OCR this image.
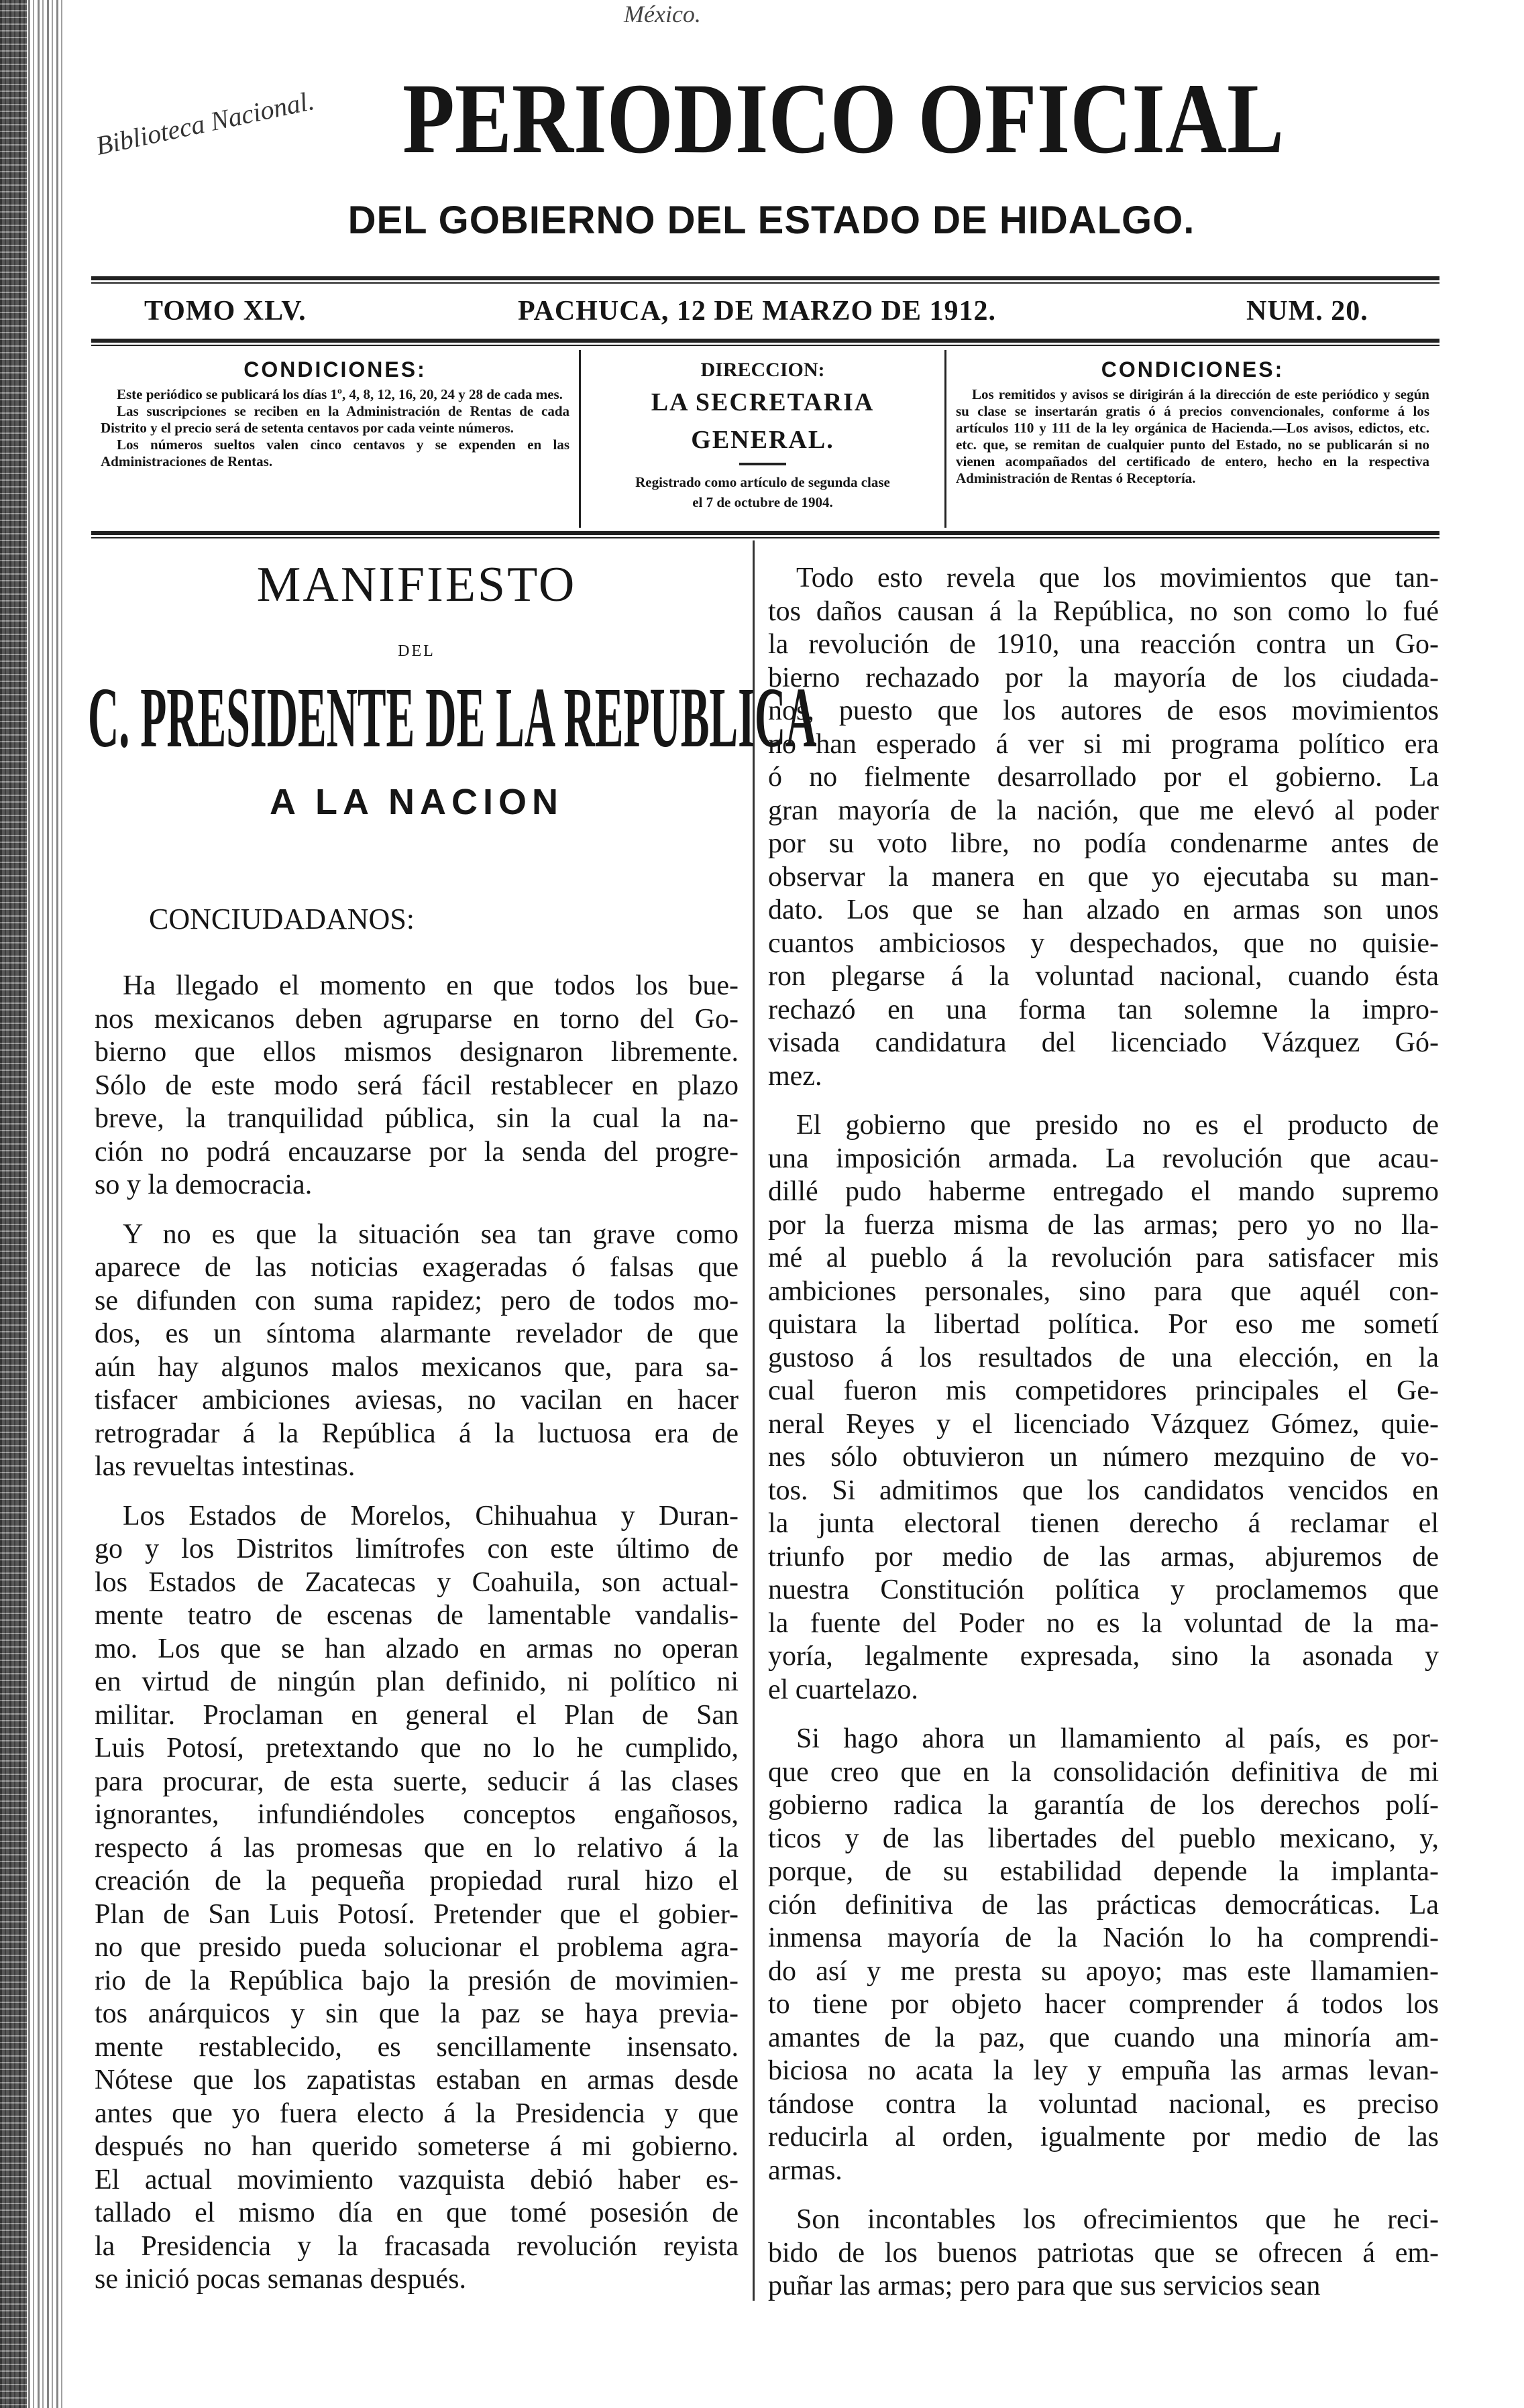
México.
PERIODICO OFICIAL
Biblioteca Nacional.
DEL GOBIERNO DEL ESTADO DE HIDALGO.
TOMO XLV.	PACHUCA, 12 DE MARZO DE 1912.	NUM. 20.
CONDICIONES:

Este periódico se publicará los días 1º, 4, 8, 12, 16, 20, 24 y 28 de cada mes.

Las suscripciones se reciben en la Administración de Rentas de cada Distrito y el precio será de setenta centavos por cada veinte números.

Los números sueltos valen cinco centavos y se expenden en las Administraciones de Rentas.

DIRECCION:
LA SECRETARIA GENERAL.
Registrado como artículo de segunda clase
el 7 de octubre de 1904.
CONDICIONES:

Los remitidos y avisos se dirigirán á la dirección de este periódico y según su clase se insertarán gratis ó á precios convencionales, conforme á los artículos 110 y 111 de la ley orgánica de Hacienda.—Los avisos, edictos, etc. etc. que, se remitan de cualquier punto del Estado, no se publicarán si no vienen acompañados del certificado de entero, hecho en la respectiva Administración de Rentas ó Receptoría.

MANIFIESTO
DEL
C. PRESIDENTE DE LA REPUBLICA
A LA NACION
CONCIUDADANOS:
Ha llegado el momento en que todos los bue-
nos mexicanos deben agruparse en torno del Go-
bierno que ellos mismos designaron libremente.
Sólo de este modo será fácil restablecer en plazo
breve, la tranquilidad pública, sin la cual la na-
ción no podrá encauzarse por la senda del progre-
so y la democracia.
Y no es que la situación sea tan grave como
aparece de las noticias exageradas ó falsas que
se difunden con suma rapidez; pero de todos mo-
dos, es un síntoma alarmante revelador de que
aún hay algunos malos mexicanos que, para sa-
tisfacer ambiciones aviesas, no vacilan en hacer
retrogradar á la República á la luctuosa era de
las revueltas intestinas.
Los Estados de Morelos, Chihuahua y Duran-
go y los Distritos limítrofes con este último de
los Estados de Zacatecas y Coahuila, son actual-
mente teatro de escenas de lamentable vandalis-
mo. Los que se han alzado en armas no operan
en virtud de ningún plan definido, ni político ni
militar. Proclaman en general el Plan de San
Luis Potosí, pretextando que no lo he cumplido,
para procurar, de esta suerte, seducir á las clases
ignorantes, infundiéndoles conceptos engañosos,
respecto á las promesas que en lo relativo á la
creación de la pequeña propiedad rural hizo el
Plan de San Luis Potosí. Pretender que el gobier-
no que presido pueda solucionar el problema agra-
rio de la República bajo la presión de movimien-
tos anárquicos y sin que la paz se haya previa-
mente restablecido, es sencillamente insensato.
Nótese que los zapatistas estaban en armas desde
antes que yo fuera electo á la Presidencia y que
después no han querido someterse á mi gobierno.
El actual movimiento vazquista debió haber es-
tallado el mismo día en que tomé posesión de
la Presidencia y la fracasada revolución reyista
se inició pocas semanas después.
Todo esto revela que los movimientos que tan-
tos daños causan á la República, no son como lo fué
la revolución de 1910, una reacción contra un Go-
bierno rechazado por la mayoría de los ciudada-
nos, puesto que los autores de esos movimientos
no han esperado á ver si mi programa político era
ó no fielmente desarrollado por el gobierno. La
gran mayoría de la nación, que me elevó al poder
por su voto libre, no podía condenarme antes de
observar la manera en que yo ejecutaba su man-
dato. Los que se han alzado en armas son unos
cuantos ambiciosos y despechados, que no quisie-
ron plegarse á la voluntad nacional, cuando ésta
rechazó en una forma tan solemne la impro-
visada candidatura del licenciado Vázquez Gó-
mez.
El gobierno que presido no es el producto de
una imposición armada. La revolución que acau-
dillé pudo haberme entregado el mando supremo
por la fuerza misma de las armas; pero yo no lla-
mé al pueblo á la revolución para satisfacer mis
ambiciones personales, sino para que aquél con-
quistara la libertad política. Por eso me sometí
gustoso á los resultados de una elección, en la
cual fueron mis competidores principales el Ge-
neral Reyes y el licenciado Vázquez Gómez, quie-
nes sólo obtuvieron un número mezquino de vo-
tos. Si admitimos que los candidatos vencidos en
la junta electoral tienen derecho á reclamar el
triunfo por medio de las armas, abjuremos de
nuestra Constitución política y proclamemos que
la fuente del Poder no es la voluntad de la ma-
yoría, legalmente expresada, sino la asonada y
el cuartelazo.
Si hago ahora un llamamiento al país, es por-
que creo que en la consolidación definitiva de mi
gobierno radica la garantía de los derechos polí-
ticos y de las libertades del pueblo mexicano, y,
porque, de su estabilidad depende la implanta-
ción definitiva de las prácticas democráticas. La
inmensa mayoría de la Nación lo ha comprendi-
do así y me presta su apoyo; mas este llamamien-
to tiene por objeto hacer comprender á todos los
amantes de la paz, que cuando una minoría am-
biciosa no acata la ley y empuña las armas levan-
tándose contra la voluntad nacional, es preciso
reducirla al orden, igualmente por medio de las
armas.
Son incontables los ofrecimientos que he reci-
bido de los buenos patriotas que se ofrecen á em-
puñar las armas; pero para que sus servicios sean
